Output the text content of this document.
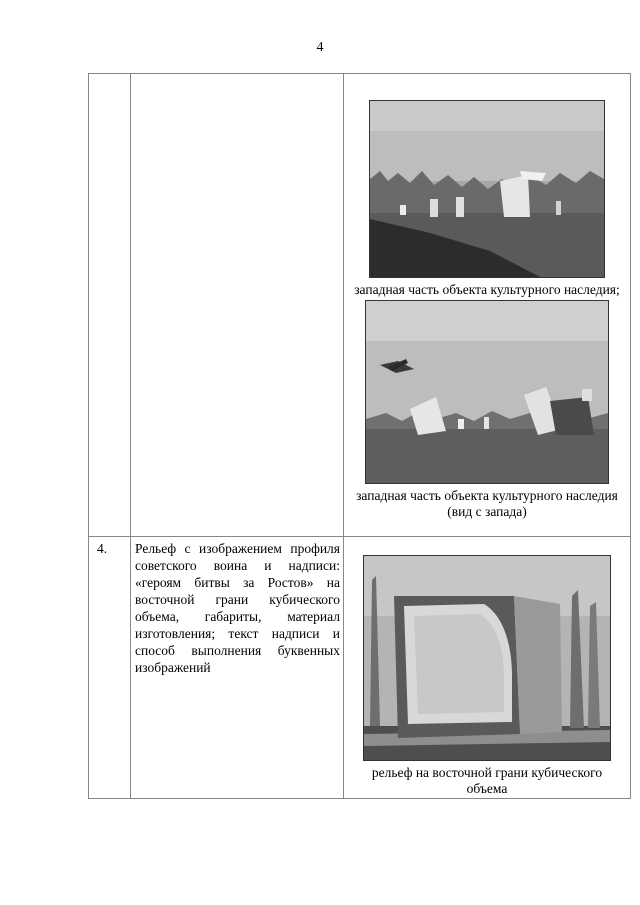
4

		западная часть объекта культурного наследия;
западная часть объекта культурного наследия (вид с запада)

4.	Рельеф с изображением профиля советского воина и надписи: «героям битвы за Ростов» на восточной грани кубического объема, габариты, материал изготовления; текст надписи и способ выполнения буквенных изображений	рельеф на восточной грани кубического объема
